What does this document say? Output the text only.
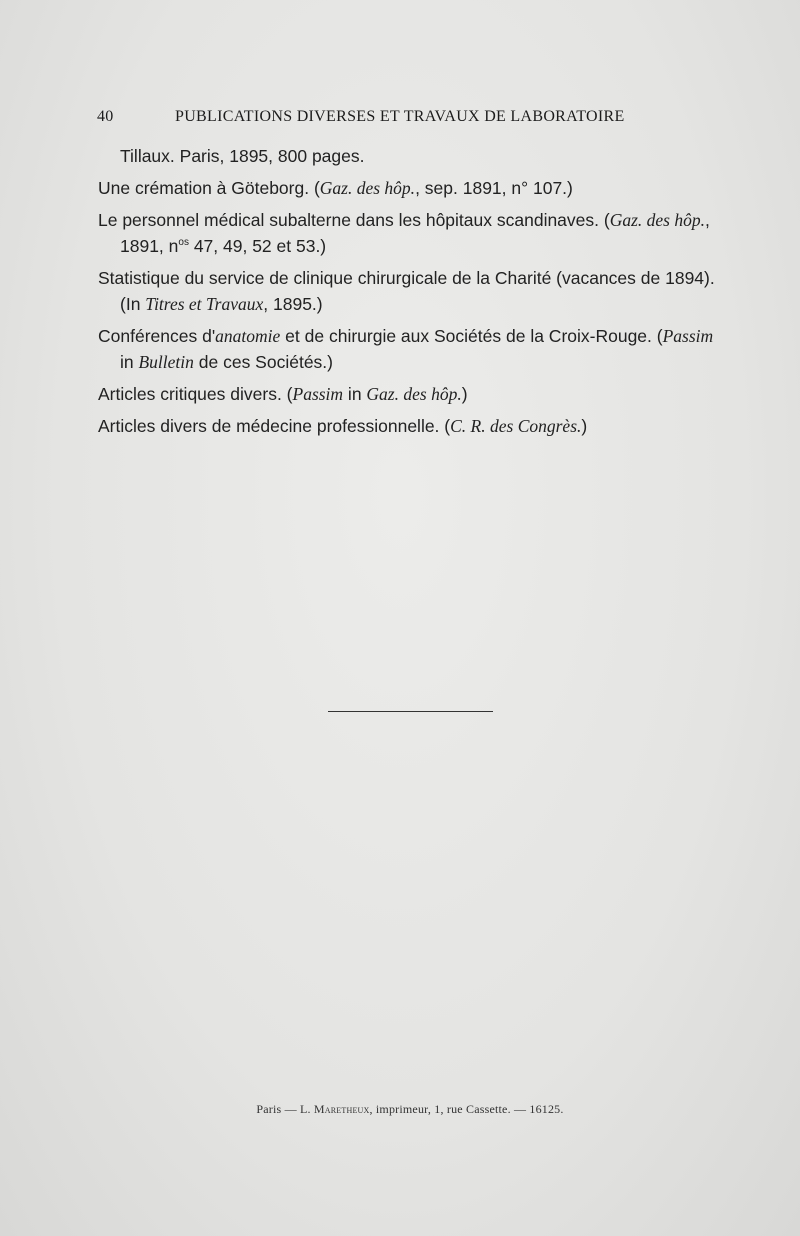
40	PUBLICATIONS DIVERSES ET TRAVAUX DE LABORATOIRE

Tillaux. Paris, 1895, 800 pages.

Une crémation à Göteborg. (Gaz. des hôp., sep. 1891, n° 107.)

Le personnel médical subalterne dans les hôpitaux scandinaves. (Gaz. des hôp., 1891, $n^{os}$ 47, 49, 52 et 53.)

Statistique du service de clinique chirurgicale de la Charité (vacances de 1894). (In Titres et Travaux, 1895.)

Conférences d'anatomie et de chirurgie aux Sociétés de la Croix-Rouge. (Passim in Bulletin de ces Sociétés.)

Articles critiques divers. (Passim in Gaz. des hôp.)

Articles divers de médecine professionnelle. (C. R. des Congrès.)

Paris — L. Marethеux, imprimeur, 1, rue Cassette. — 16125.
